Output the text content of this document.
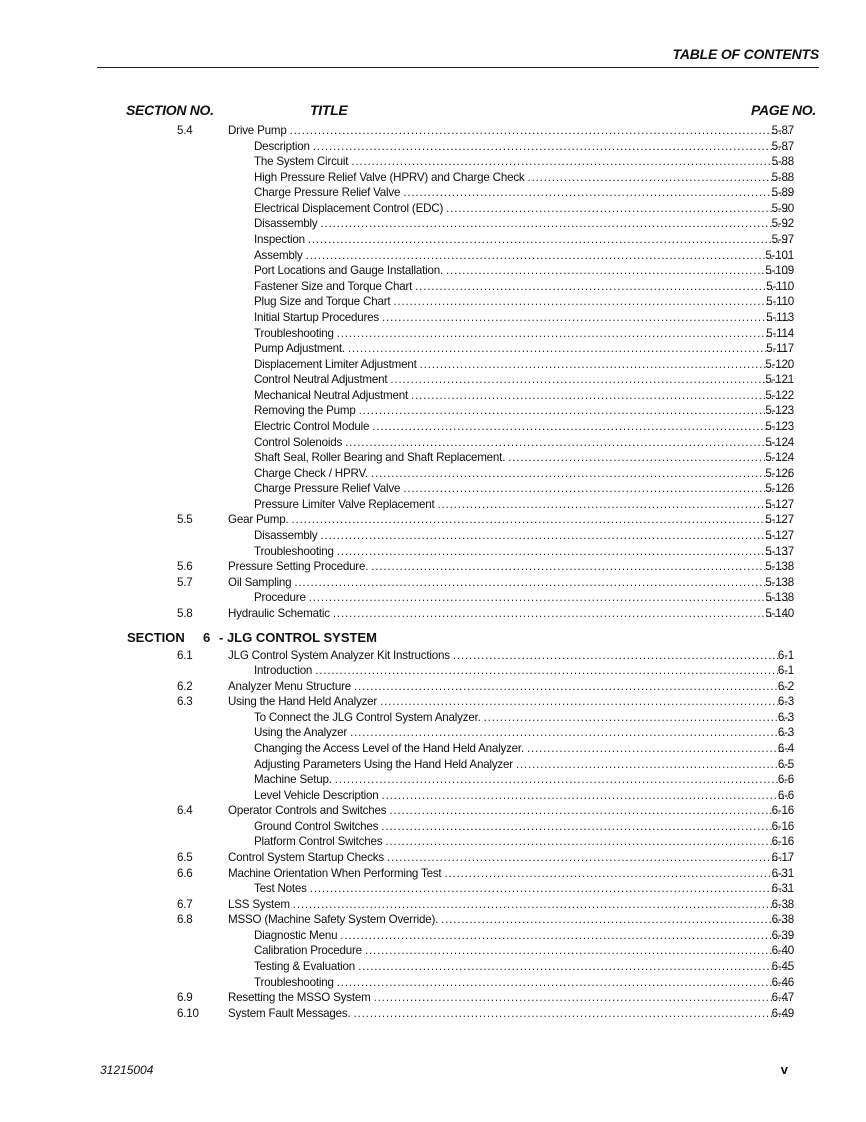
TABLE OF CONTENTS
SECTION NO.	TITLE	PAGE NO.
5.4	Drive Pump . . .	5-87
Description . . .	5-87
The System Circuit . . .	5-88
High Pressure Relief Valve (HPRV) and Charge Check . . .	5-88
Charge Pressure Relief Valve . . .	5-89
Electrical Displacement Control (EDC) . . .	5-90
Disassembly . . .	5-92
Inspection . . .	5-97
Assembly . . .	5-101
Port Locations and Gauge Installation. . . .	5-109
Fastener Size and Torque Chart . . .	5-110
Plug Size and Torque Chart . . .	5-110
Initial Startup Procedures . . .	5-113
Troubleshooting . . .	5-114
Pump Adjustment. . . .	5-117
Displacement Limiter Adjustment . . .	5-120
Control Neutral Adjustment . . .	5-121
Mechanical Neutral Adjustment . . .	5-122
Removing the Pump . . .	5-123
Electric Control Module . . .	5-123
Control Solenoids . . .	5-124
Shaft Seal, Roller Bearing and Shaft Replacement. . . .	5-124
Charge Check / HPRV. . . .	5-126
Charge Pressure Relief Valve . . .	5-126
Pressure Limiter Valve Replacement . . .	5-127
5.5	Gear Pump. . . .	5-127
Disassembly . . .	5-127
Troubleshooting . . .	5-137
5.6	Pressure Setting Procedure. . . .	5-138
5.7	Oil Sampling . . .	5-138
Procedure . . .	5-138
5.8	Hydraulic Schematic . . .	5-140
SECTION 6 - JLG CONTROL SYSTEM
6.1	JLG Control System Analyzer Kit Instructions . . .	6-1
Introduction . . .	6-1
6.2	Analyzer Menu Structure . . .	6-2
6.3	Using the Hand Held Analyzer . . .	6-3
To Connect the JLG Control System Analyzer. . . .	6-3
Using the Analyzer . . .	6-3
Changing the Access Level of the Hand Held Analyzer. . . .	6-4
Adjusting Parameters Using the Hand Held Analyzer . . .	6-5
Machine Setup. . . .	6-6
Level Vehicle Description . . .	6-6
6.4	Operator Controls and Switches . . .	6-16
Ground Control Switches . . .	6-16
Platform Control Switches . . .	6-16
6.5	Control System Startup Checks . . .	6-17
6.6	Machine Orientation When Performing Test . . .	6-31
Test Notes . . .	6-31
6.7	LSS System . . .	6-38
6.8	MSSO (Machine Safety System Override). . . .	6-38
Diagnostic Menu . . .	6-39
Calibration Procedure . . .	6-40
Testing & Evaluation . . .	6-45
Troubleshooting . . .	6-46
6.9	Resetting the MSSO System . . .	6-47
6.10	System Fault Messages. . . .	6-49
31215004	v
